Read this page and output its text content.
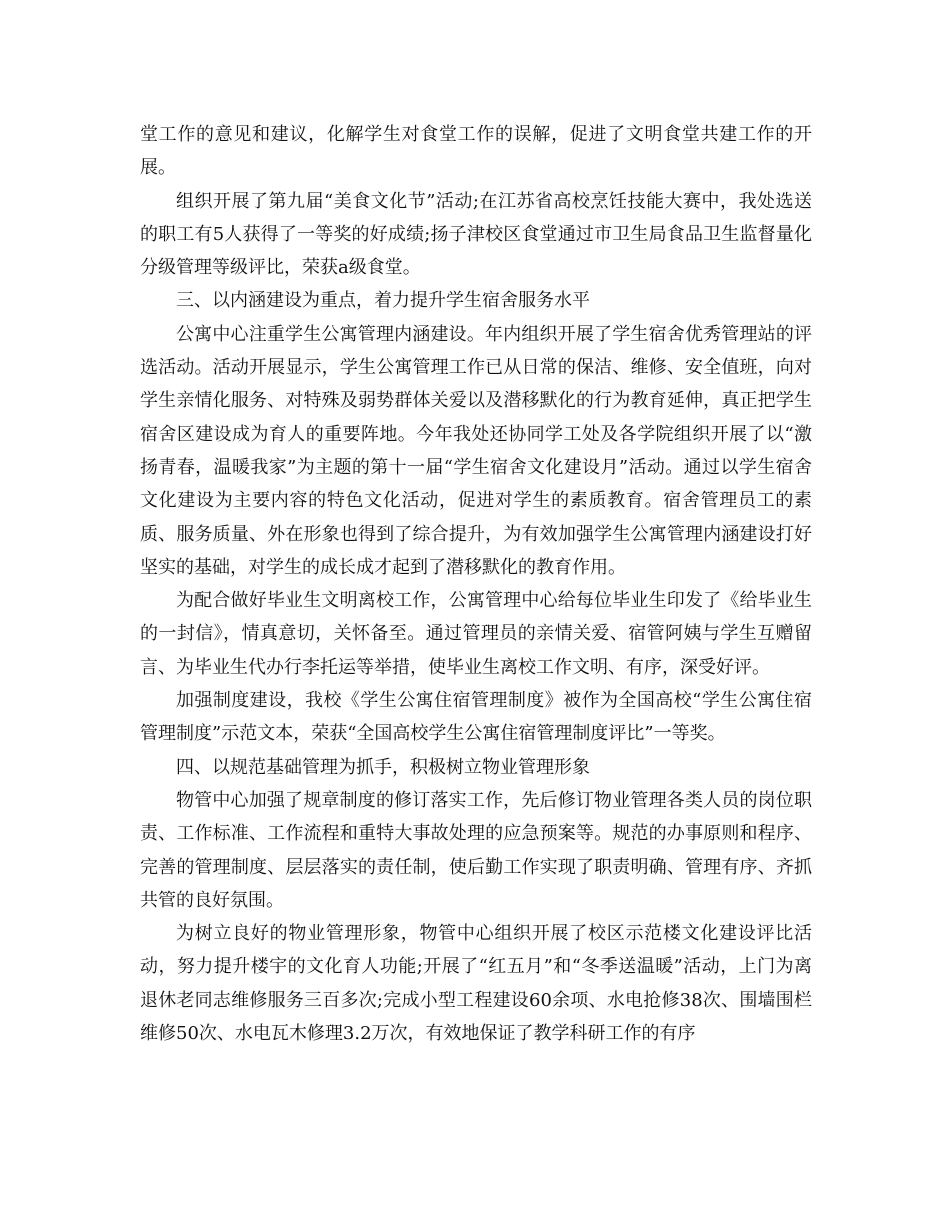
堂工作的意见和建议，化解学生对食堂工作的误解，促进了文明食堂共建工作的开展。

组织开展了第九届“美食文化节”活动;在江苏省高校烹饪技能大赛中，我处选送的职工有5人获得了一等奖的好成绩;扬子津校区食堂通过市卫生局食品卫生监督量化分级管理等级评比，荣获a级食堂。

三、以内涵建设为重点，着力提升学生宿舍服务水平

公寓中心注重学生公寓管理内涵建设。年内组织开展了学生宿舍优秀管理站的评选活动。活动开展显示，学生公寓管理工作已从日常的保洁、维修、安全值班，向对学生亲情化服务、对特殊及弱势群体关爱以及潜移默化的行为教育延伸，真正把学生宿舍区建设成为育人的重要阵地。今年我处还协同学工处及各学院组织开展了以“激扬青春，温暖我家”为主题的第十一届“学生宿舍文化建设月”活动。通过以学生宿舍文化建设为主要内容的特色文化活动，促进对学生的素质教育。宿舍管理员工的素质、服务质量、外在形象也得到了综合提升，为有效加强学生公寓管理内涵建设打好坚实的基础，对学生的成长成才起到了潜移默化的教育作用。

为配合做好毕业生文明离校工作，公寓管理中心给每位毕业生印发了《给毕业生的一封信》，情真意切，关怀备至。通过管理员的亲情关爱、宿管阿姨与学生互赠留言、为毕业生代办行李托运等举措，使毕业生离校工作文明、有序，深受好评。

加强制度建设，我校《学生公寓住宿管理制度》被作为全国高校“学生公寓住宿管理制度”示范文本，荣获“全国高校学生公寓住宿管理制度评比”一等奖。

四、以规范基础管理为抓手，积极树立物业管理形象

物管中心加强了规章制度的修订落实工作，先后修订物业管理各类人员的岗位职责、工作标准、工作流程和重特大事故处理的应急预案等。规范的办事原则和程序、完善的管理制度、层层落实的责任制，使后勤工作实现了职责明确、管理有序、齐抓共管的良好氛围。

为树立良好的物业管理形象，物管中心组织开展了校区示范楼文化建设评比活动，努力提升楼宇的文化育人功能;开展了“红五月”和“冬季送温暖”活动，上门为离退休老同志维修服务三百多次;完成小型工程建设60余项、水电抢修38次、围墙围栏维修50次、水电瓦木修理3.2万次，有效地保证了教学科研工作的有序
